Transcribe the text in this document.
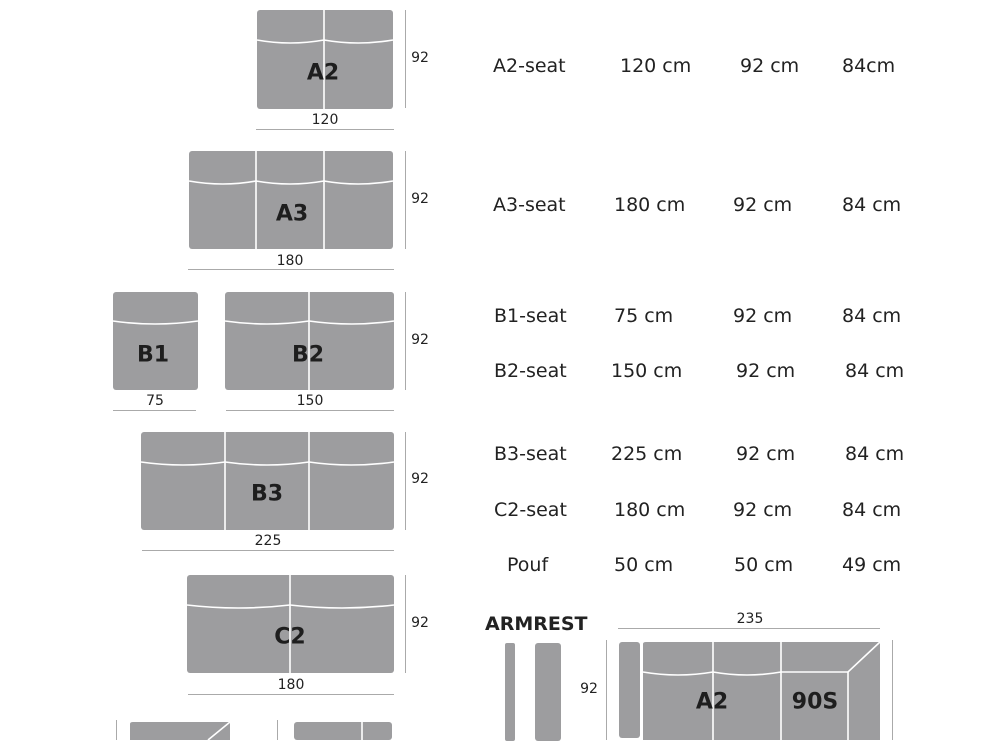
A2
92
120
A3
92
180
B1
75
B2
92
150
B3
92
225
C2
92
180
A2-seat	120 cm	92 cm 84cm
A3-seat	180 cm	92 cm	84 cm
B1-seat 75 cm	92 cm	84 cm
B2-seat 150 cm	92 cm	84 cm
B3-seat 225 cm	92 cm	84 cm
C2-seat 180 cm	92 cm	84 cm
Pouf	50 cm	50 cm	49 cm
ARMREST	235
92
A2	90S
